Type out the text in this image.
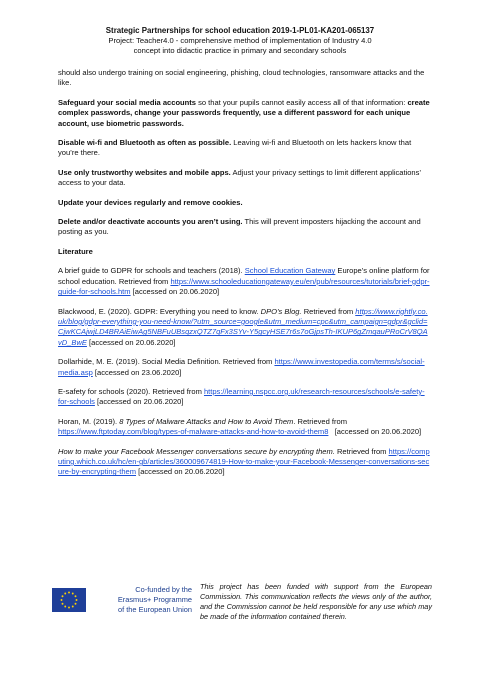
Strategic Partnerships for school education 2019-1-PL01-KA201-065137
Project: Teacher4.0 - comprehensive method of implementation of Industry 4.0
concept into didactic practice in primary and secondary schools

should also undergo training on social engineering, phishing, cloud technologies, ransomware attacks and the like.

Safeguard your social media accounts so that your pupils cannot easily access all of that information: create complex passwords, change your passwords frequently, use a different password for each unique account, use biometric passwords.

Disable wi-fi and Bluetooth as often as possible. Leaving wi-fi and Bluetooth on lets hackers know that you’re there.

Use only trustworthy websites and mobile apps. Adjust your privacy settings to limit different applications’ access to your data.

Update your devices regularly and remove cookies.

Delete and/or deactivate accounts you aren’t using. This will prevent imposters hijacking the account and posting as you.

Literature

A brief guide to GDPR for schools and teachers (2018). School Education Gateway Europe’s online platform for school education. Retrieved from https://www.schooleducationgateway.eu/en/pub/resources/tutorials/brief-gdpr-guide-for-schools.htm [accessed on 20.06.2020]

Blackwood, E. (2020). GDPR: Everything you need to know. DPO’s Blog. Retrieved from https://www.rightly.co.uk/blog/gdpr-everything-you-need-know/?utm_source=google&utm_medium=cpc&utm_campaign=gdpr&gclid=CjwKCAjwjLD4BRAiEiwAg5NBFuUBsqzxQTZ7qFx3SYv-Y5gcyHSE7r6s7oGjpsTh-IKUP6gZmqauPRoCrV8QAvD_BwE [accessed on 20.06.2020]

Dollarhide, M. E. (2019). Social Media Definition. Retrieved from https://www.investopedia.com/terms/s/social-media.asp [accessed on 23.06.2020]

E-safety for schools (2020). Retrieved from https://learning.nspcc.org.uk/research-resources/schools/e-safety-for-schools [accessed on 20.06.2020]

Horan, M. (2019). 8 Types of Malware Attacks and How to Avoid Them. Retrieved from https://www.ftptoday.com/blog/types-of-malware-attacks-and-how-to-avoid-them8   [accessed on 20.06.2020]

How to make your Facebook Messenger conversations secure by encrypting them. Retrieved from https://computing.which.co.uk/hc/en-gb/articles/360009674819-How-to-make-your-Facebook-Messenger-conversations-secure-by-encrypting-them [accessed on 20.06.2020]

Co-funded by the
Erasmus+ Programme
of the European Union
This project has been funded with support from the European Commission. This communication reflects the views only of the author, and the Commission cannot be held responsible for any use which may be made of the information contained therein.
